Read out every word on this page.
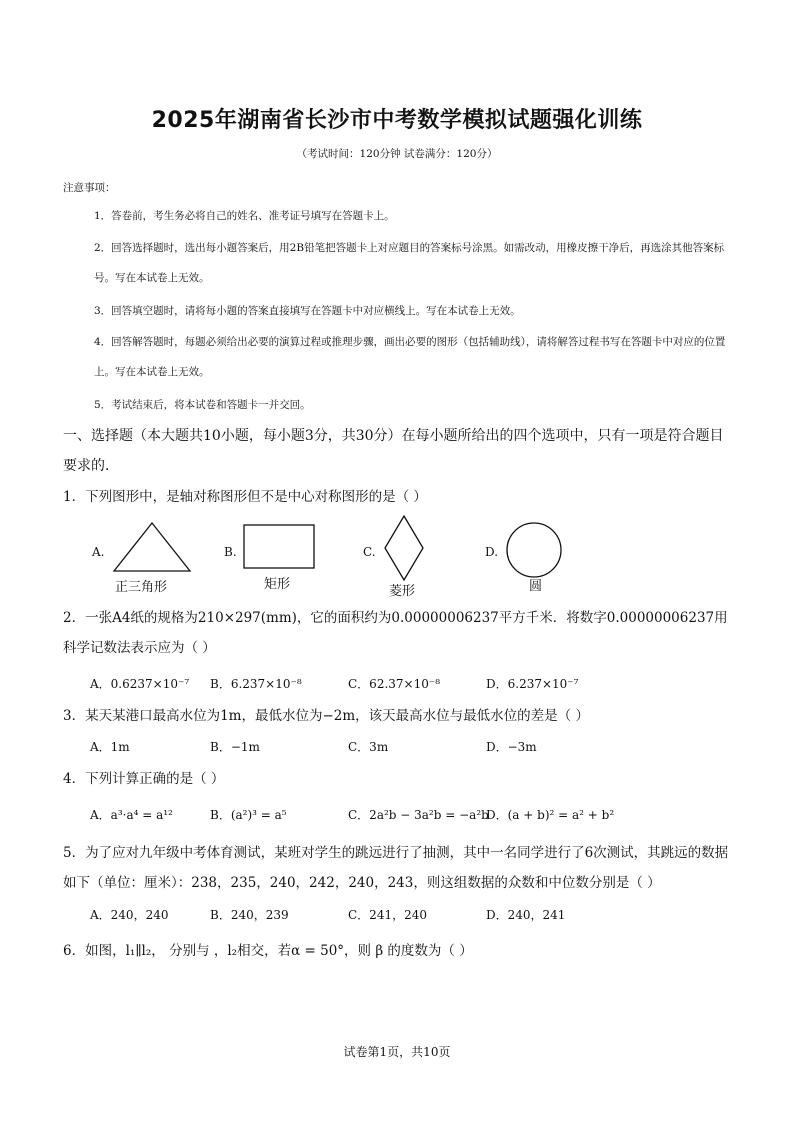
2025年湖南省长沙市中考数学模拟试题强化训练
（考试时间：120分钟 试卷满分：120分）
注意事项：
1．答卷前，考生务必将自己的姓名、准考证号填写在答题卡上。
2．回答选择题时，选出每小题答案后，用2B铅笔把答题卡上对应题目的答案标号涂黑。如需改动，用橡皮擦干净后，再选涂其他答案标号。写在本试卷上无效。
3．回答填空题时，请将每小题的答案直接填写在答题卡中对应横线上。写在本试卷上无效。
4．回答解答题时，每题必须给出必要的演算过程或推理步骤，画出必要的图形（包括辅助线），请将解答过程书写在答题卡中对应的位置上。写在本试卷上无效。
5．考试结束后，将本试卷和答题卡一并交回。
一、选择题（本大题共10小题，每小题3分，共30分）在每小题所给出的四个选项中，只有一项是符合题目要求的．
1．下列图形中，是轴对称图形但不是中心对称图形的是（ ）
A.
正三角形
B.
矩形
C.
菱形
D.
圆
2．一张A4纸的规格为210×297(mm)，它的面积约为0.00000006237平方千米．将数字0.00000006237用科学记数法表示应为（ ）
A．0.6237×10⁻⁷ B．6.237×10⁻⁸	C．62.37×10⁻⁸	D．6.237×10⁻⁷
3．某天某港口最高水位为1m，最低水位为−2m，该天最高水位与最低水位的差是（ ）
A．1m	B．−1m	C．3m	D．−3m
4．下列计算正确的是（ ）
A．a³·a⁴ = a¹²	B．(a²)³ = a⁵	C．2a²b − 3a²b = −a²b
D．(a + b)² = a² + b²
5．为了应对九年级中考体育测试，某班对学生的跳远进行了抽测，其中一名同学进行了6次测试，其跳远的数据如下（单位：厘米）：238，235，240，242，240，243，则这组数据的众数和中位数分别是（ ）
A．240，240	B．240，239	C．241，240	D．240，241
6．如图，l₁∥l₂， 分别与 ，l₂相交，若α = 50°，则 β 的度数为（ ）
试卷第1页，共10页
